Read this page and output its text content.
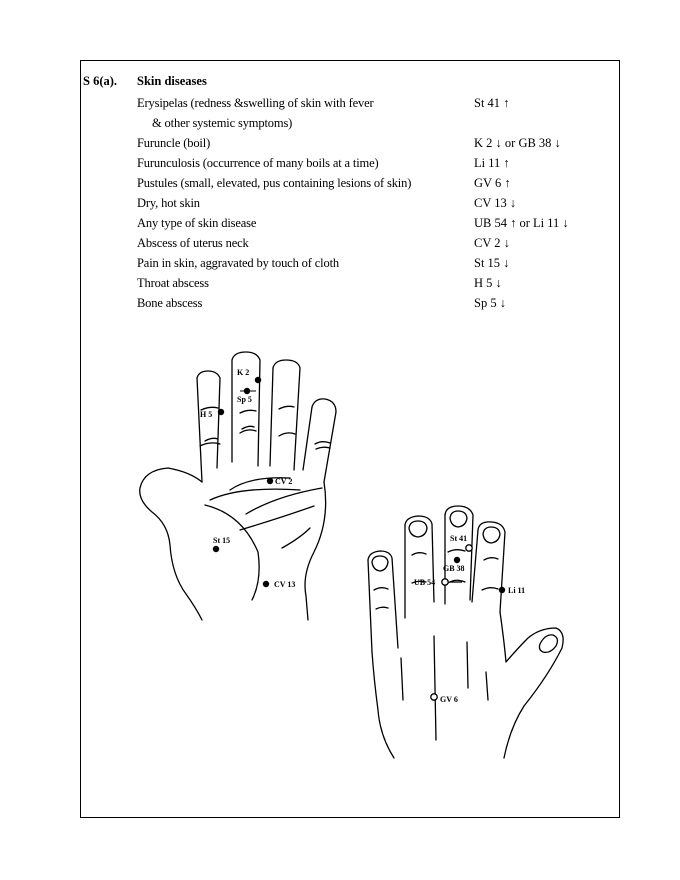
S 6(a). Skin diseases
Erysipelas (redness &swelling of skin with fever	St 41 ↑
& other systemic symptoms)
Furuncle (boil)	K 2 ↓ or GB 38 ↓
Furunculosis (occurrence of many boils at a time)	Li 11 ↑
Pustules (small, elevated, pus containing lesions of skin)	GV 6 ↑
Dry, hot skin	CV 13 ↓
Any type of skin disease	UB 54 ↑ or Li 11 ↓
Abscess of uterus neck	CV 2 ↓
Pain in skin, aggravated by touch of cloth	St 15 ↓
Throat abscess	H 5 ↓
Bone abscess	Sp 5 ↓
K 2
Sp 5
H 5
CV 2
St 15
CV 13
St 41
GB 38
UB 54
Li 11
GV 6
